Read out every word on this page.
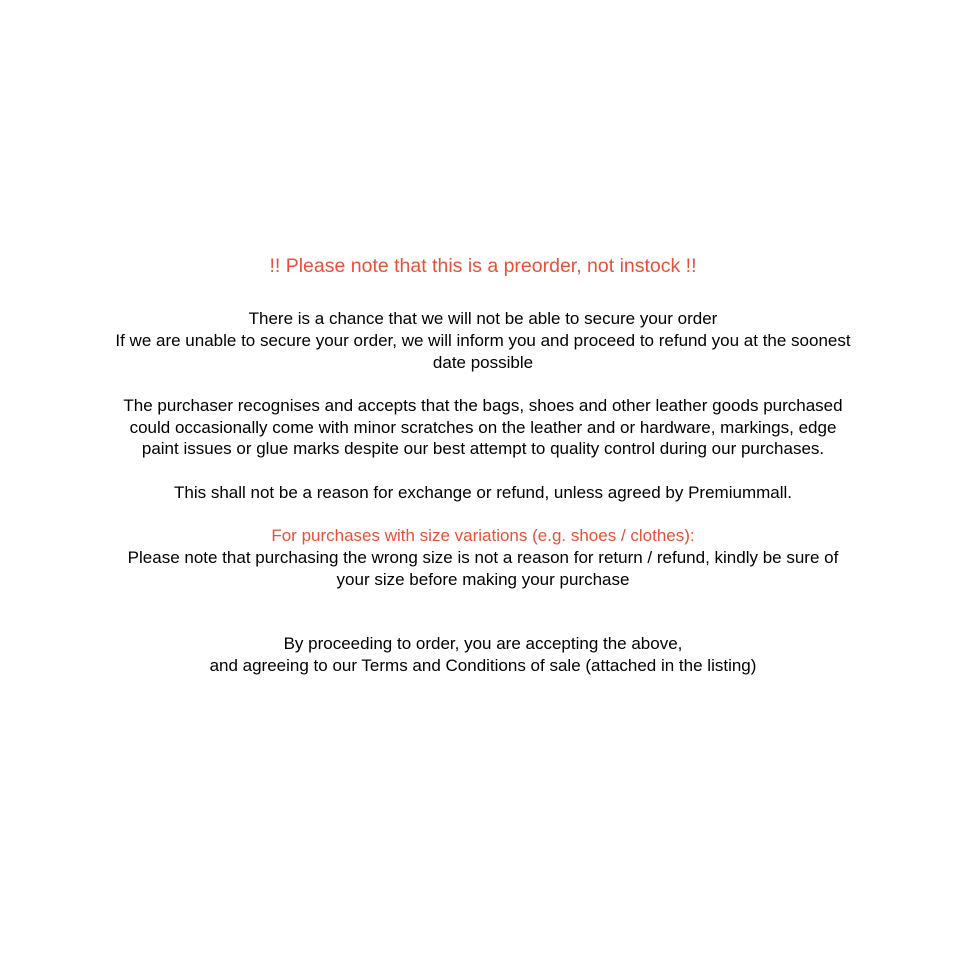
!! Please note that this is a preorder, not instock !!

There is a chance that we will not be able to secure your order
If we are unable to secure your order, we will inform you and proceed to refund you at the soonest date possible

The purchaser recognises and accepts that the bags, shoes and other leather goods purchased could occasionally come with minor scratches on the leather and or hardware, markings, edge paint issues or glue marks despite our best attempt to quality control during our purchases.

This shall not be a reason for exchange or refund, unless agreed by Premiummall.

For purchases with size variations (e.g. shoes / clothes):

Please note that purchasing the wrong size is not a reason for return / refund, kindly be sure of your size before making your purchase

By proceeding to order, you are accepting the above,
and agreeing to our Terms and Conditions of sale (attached in the listing)
